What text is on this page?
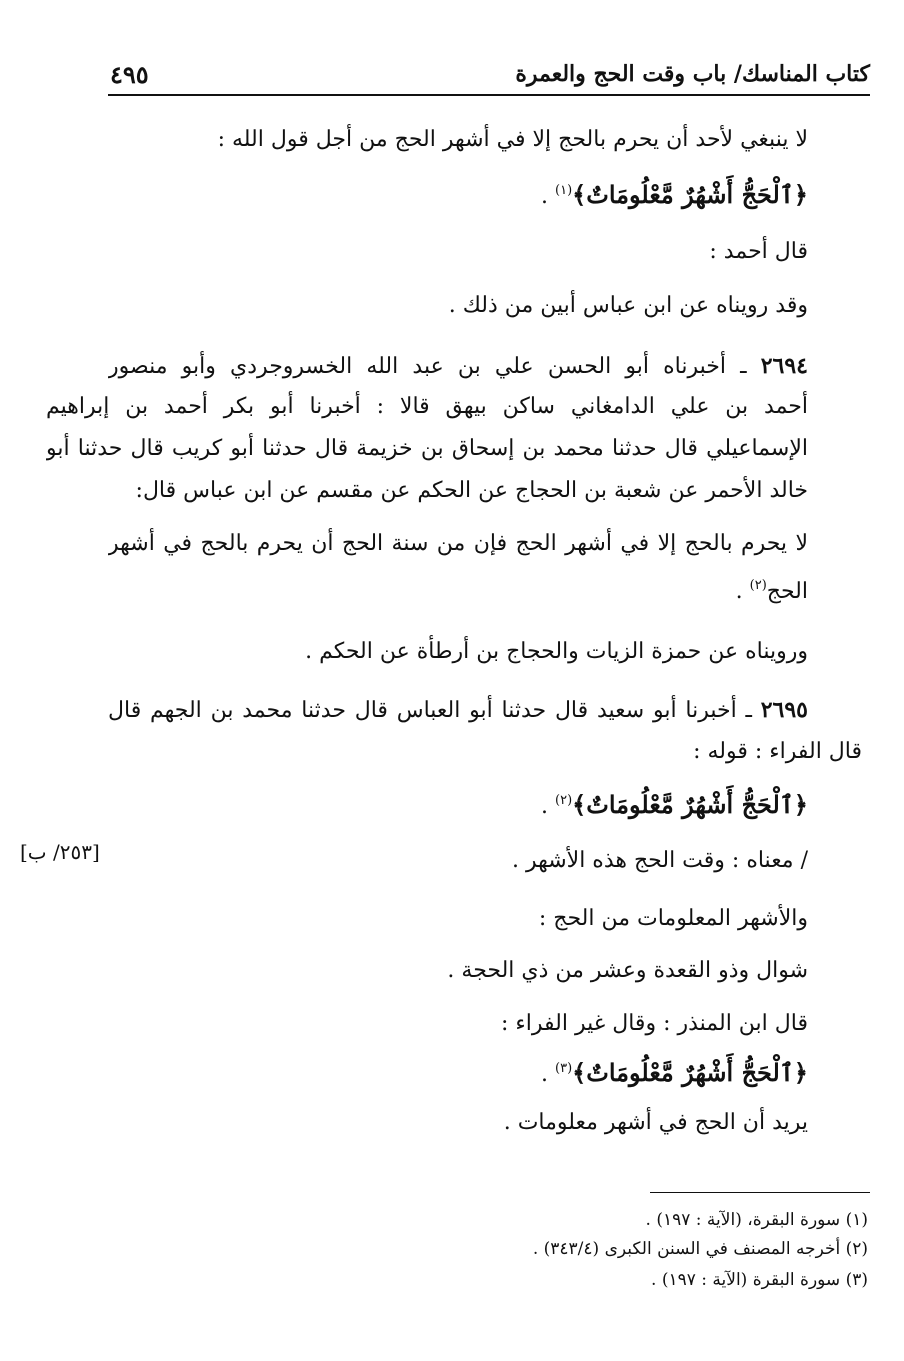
كتاب المناسك/ باب وقت الحج والعمرة
٤٩٥
لا ينبغي لأحد أن يحرم بالحج إلا في أشهر الحج من أجل قول الله :
﴿ٱلْحَجُّ أَشْهُرٌ مَّعْلُومَاتٌ﴾$^{(١)}$ .
قال أحمد :
وقد رويناه عن ابن عباس أبين من ذلك .
٢٦٩٤ ـ أخبرناه أبو الحسن علي بن عبد الله الخسروجردي وأبو منصور
أحمد بن علي الدامغاني ساكن بيهق قالا : أخبرنا أبو بكر أحمد بن إبراهيم
الإسماعيلي قال حدثنا محمد بن إسحاق بن خزيمة قال حدثنا أبو كريب قال حدثنا أبو
خالد الأحمر عن شعبة بن الحجاج عن الحكم عن مقسم عن ابن عباس قال:
لا يحرم بالحج إلا في أشهر الحج فإن من سنة الحج أن يحرم بالحج في أشهر
الحج$^{(٢)}$ .
ورويناه عن حمزة الزيات والحجاج بن أرطأة عن الحكم .
٢٦٩٥ ـ أخبرنا أبو سعيد قال حدثنا أبو العباس قال حدثنا محمد بن الجهم قال
قال الفراء : قوله :
﴿ٱلْحَجُّ أَشْهُرٌ مَّعْلُومَاتٌ﴾$^{(٢)}$ .
/ معناه : وقت الحج هذه الأشهر .
والأشهر المعلومات من الحج :
شوال وذو القعدة وعشر من ذي الحجة .
قال ابن المنذر : وقال غير الفراء :
﴿ٱلْحَجُّ أَشْهُرٌ مَّعْلُومَاتٌ﴾$^{(٣)}$ .
يريد أن الحج في أشهر معلومات .
[٢٥٣/ ب]
(١) سورة البقرة، (الآية : ١٩٧) .
(٢) أخرجه المصنف في السنن الكبرى (٣٤٣/٤) .
(٣) سورة البقرة (الآية : ١٩٧) .
